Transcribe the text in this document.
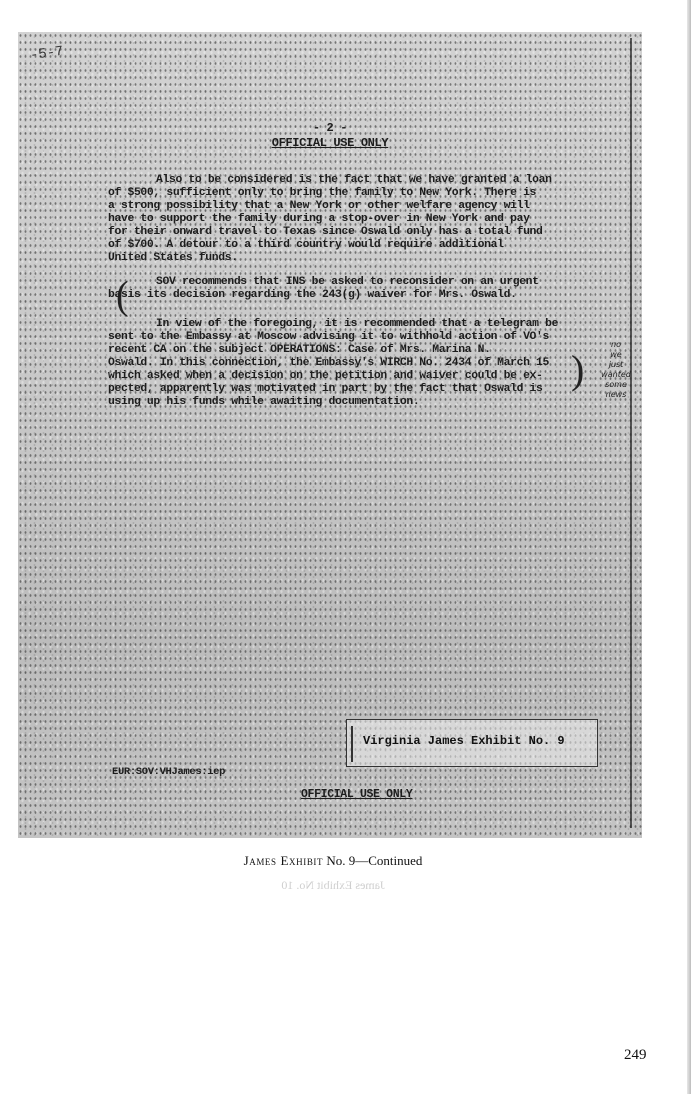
-5-7
- 2 -
OFFICIAL USE ONLY
Also to be considered is the fact that we have granted a loan
of $500, sufficient only to bring the family to New York. There is
a strong possibility that a New York or other welfare agency will
have to support the family during a stop-over in New York and pay
for their onward travel to Texas since Oswald only has a total fund
of $700. A detour to a third country would require additional
United States funds.
(	SOV recommends that INS be asked to reconsider on an urgent
basis its decision regarding the 243(g) waiver for Mrs. Oswald.
In view of the foregoing, it is recommended that a telegram be
sent to the Embassy at Moscow advising it to withhold action of VO's
recent CA on the subject OPERATIONS: Case of Mrs. Marina N.
Oswald. In this connection, the Embassy's WIRCH No. 2434 of March 15
which asked when a decision on the petition and waiver could be ex-
pected, apparently was motivated in part by the fact that Oswald is
using up his funds while awaiting documentation.
)
no
we
just
wanted
some
news
Virginia James Exhibit No. 9
EUR:SOV:VHJames:iep
OFFICIAL USE ONLY
James Exhibit No. 9—Continued
James Exhibit No. 10
249
